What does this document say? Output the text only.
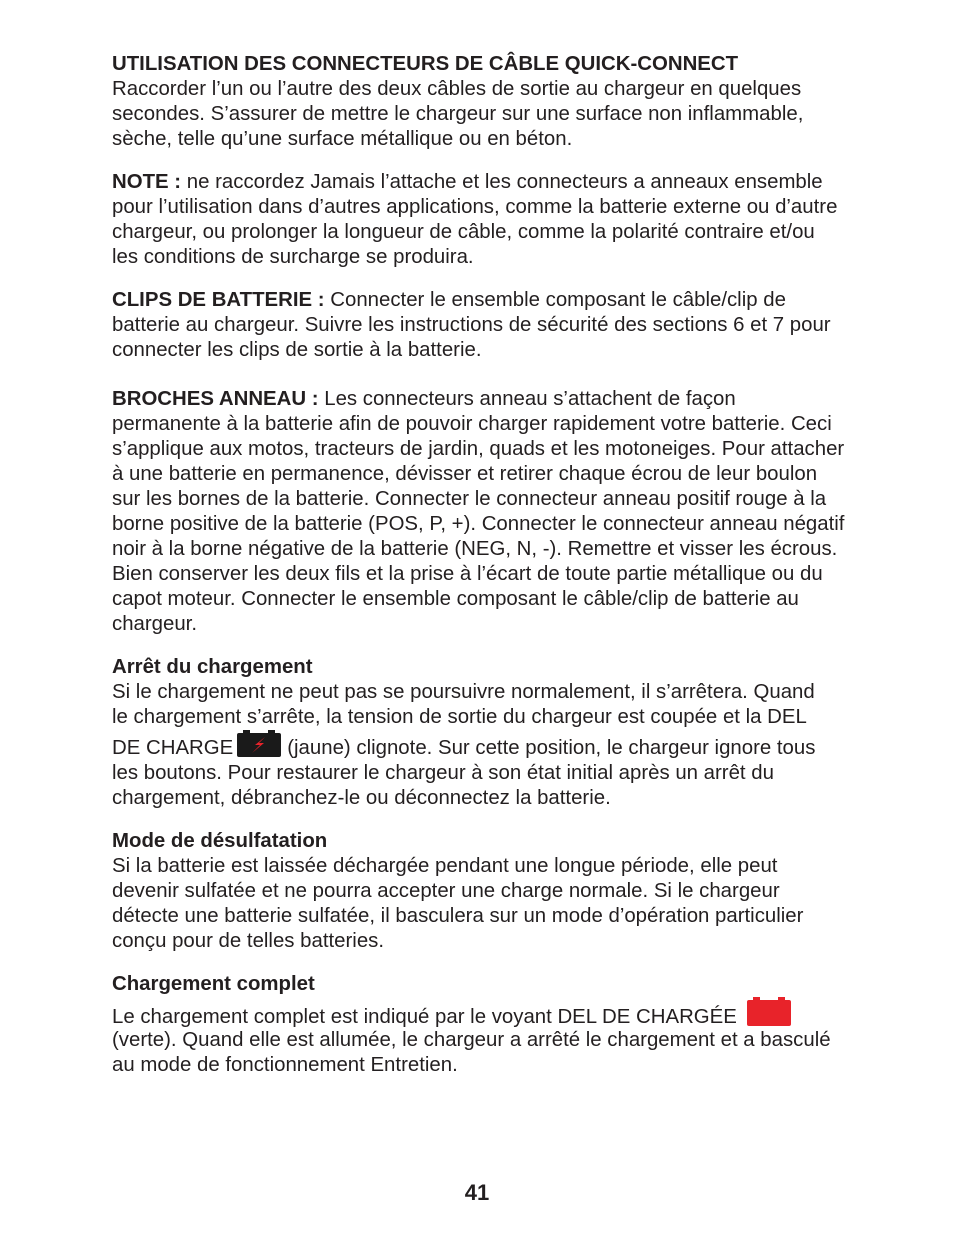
UTILISATION DES CONNECTEURS DE CÂBLE QUICK-CONNECT

Raccorder l’un ou l’autre des deux câbles de sortie au chargeur en quelques
secondes. S’assurer de mettre le chargeur sur une surface non inflammable,
sèche, telle qu’une surface métallique ou en béton.

NOTE : ne raccordez Jamais l’attache et les connecteurs a anneaux ensemble
pour l’utilisation dans d’autres applications, comme la batterie externe ou d’autre
chargeur, ou prolonger la longueur de câble, comme la polarité contraire et/ou
les conditions de surcharge se produira.

CLIPS DE BATTERIE : Connecter le ensemble composant le câble/clip de
batterie au chargeur. Suivre les instructions de sécurité des sections 6 et 7 pour
connecter les clips de sortie à la batterie.

BROCHES ANNEAU : Les connecteurs anneau s’attachent de façon
permanente à la batterie afin de pouvoir charger rapidement votre batterie. Ceci
s’applique aux motos, tracteurs de jardin, quads et les motoneiges. Pour attacher
à une batterie en permanence, dévisser et retirer chaque écrou de leur boulon
sur les bornes de la batterie. Connecter le connecteur anneau positif rouge à la
borne positive de la batterie (POS, P, +). Connecter le connecteur anneau négatif
noir à la borne négative de la batterie (NEG, N, -). Remettre et visser les écrous.
Bien conserver les deux fils et la prise à l’écart de toute partie métallique ou du
capot moteur. Connecter le ensemble composant le câble/clip de batterie au
chargeur.

Arrêt du chargement

Si le chargement ne peut pas se poursuivre normalement, il s’arrêtera. Quand
le chargement s’arrête, la tension de sortie du chargeur est coupée et la DEL
DE CHARGE	(jaune) clignote. Sur cette position, le chargeur ignore tous
les boutons. Pour restaurer le chargeur à son état initial après un arrêt du
chargement, débranchez-le ou déconnectez la batterie.

Mode de désulfatation

Si la batterie est laissée déchargée pendant une longue période, elle peut
devenir sulfatée et ne pourra accepter une charge normale. Si le chargeur
détecte une batterie sulfatée, il basculera sur un mode d’opération particulier
conçu pour de telles batteries.

Chargement complet

Le chargement complet est indiqué par le voyant DEL DE CHARGÉE
(verte). Quand elle est allumée, le chargeur a arrêté le chargement et a basculé
au mode de fonctionnement Entretien.

41
